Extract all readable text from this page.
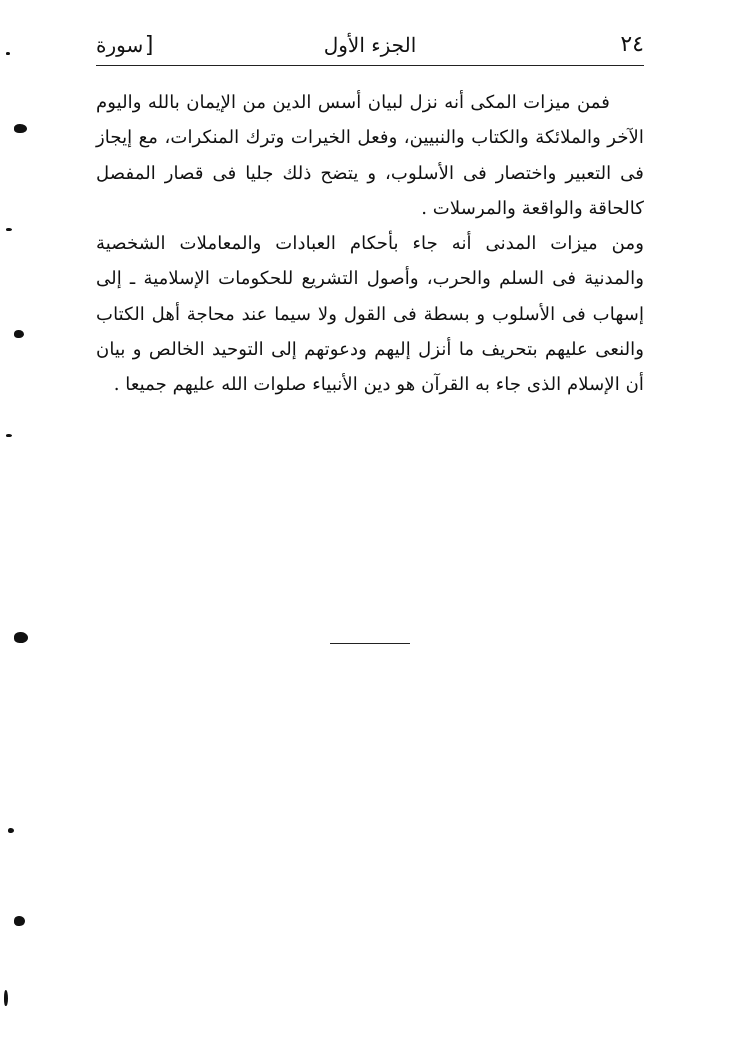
٢٤
الجزء الأول
[سورة

فمن ميزات المكى أنه نزل لبيان أسس الدين من الإيمان بالله واليوم الآخر والملائكة والكتاب والنبيين، وفعل الخيرات وترك المنكرات، مع إيجاز فى التعبير واختصار فى الأسلوب، و يتضح ذلك جليا فى قصار المفصل كالحاقة والواقعة والمرسلات .

ومن ميزات المدنى أنه جاء بأحكام العبادات والمعاملات الشخصية والمدنية فى السلم والحرب، وأصول التشريع للحكومات الإسلامية ـ إلى إسهاب فى الأسلوب و بسطة فى القول ولا سيما عند محاجة أهل الكتاب والنعى عليهم بتحريف ما أنزل إليهم ودعوتهم إلى التوحيد الخالص و بيان أن الإسلام الذى جاء به القرآن هو دين الأنبياء صلوات الله عليهم جميعا .
